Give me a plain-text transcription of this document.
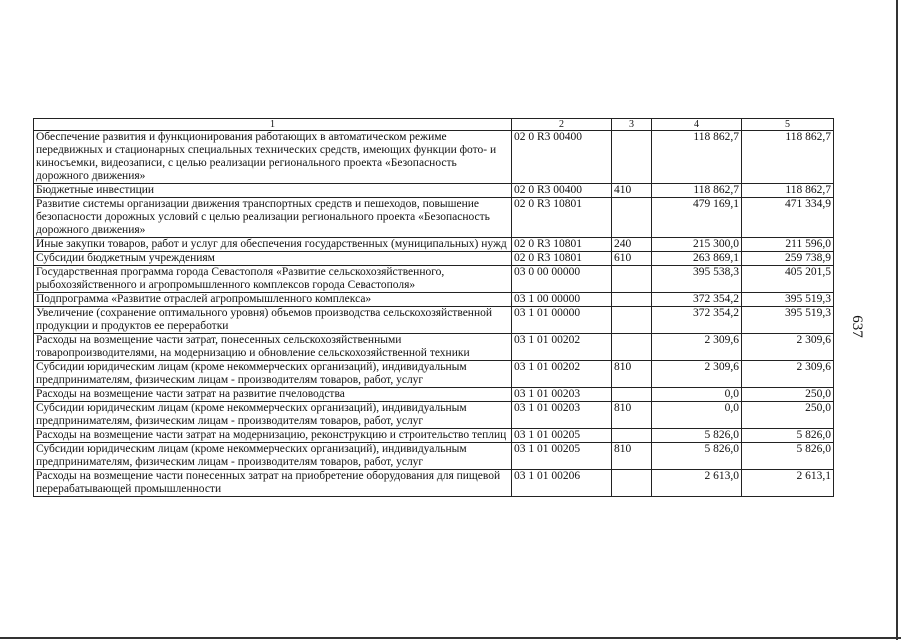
637
1	2	3	4	5
Обеспечение развития и функционирования работающих в автоматическом режиме передвижных и стационарных специальных технических средств, имеющих функции фото- и киносъемки, видеозаписи, с целью реализации регионального проекта «Безопасность дорожного движения»	02 0 R3 00400		118 862,7	118 862,7
Бюджетные инвестиции	02 0 R3 00400	410	118 862,7	118 862,7
Развитие системы организации движения транспортных средств и пешеходов, повышение безопасности дорожных условий с целью реализации регионального проекта «Безопасность дорожного движения»	02 0 R3 10801		479 169,1	471 334,9
Иные закупки товаров, работ и услуг для обеспечения государственных (муниципальных) нужд	02 0 R3 10801	240	215 300,0	211 596,0
Субсидии бюджетным учреждениям	02 0 R3 10801	610	263 869,1	259 738,9
Государственная программа города Севастополя «Развитие сельскохозяйственного, рыбохозяйственного и агропромышленного комплексов города Севастополя»	03 0 00 00000		395 538,3	405 201,5
Подпрограмма «Развитие отраслей агропромышленного комплекса»	03 1 00 00000		372 354,2	395 519,3
Увеличение (сохранение оптимального уровня) объемов производства сельскохозяйственной продукции и продуктов ее переработки	03 1 01 00000		372 354,2	395 519,3
Расходы на возмещение части затрат, понесенных сельскохозяйственными товаропроизводителями, на модернизацию и обновление сельскохозяйственной техники	03 1 01 00202		2 309,6	2 309,6
Субсидии юридическим лицам (кроме некоммерческих организаций), индивидуальным предпринимателям, физическим лицам - производителям товаров, работ, услуг	03 1 01 00202	810	2 309,6	2 309,6
Расходы на возмещение части затрат на развитие пчеловодства	03 1 01 00203		0,0	250,0
Субсидии юридическим лицам (кроме некоммерческих организаций), индивидуальным предпринимателям, физическим лицам - производителям товаров, работ, услуг	03 1 01 00203	810	0,0	250,0
Расходы на возмещение части затрат на модернизацию, реконструкцию и строительство теплиц	03 1 01 00205		5 826,0	5 826,0
Субсидии юридическим лицам (кроме некоммерческих организаций), индивидуальным предпринимателям, физическим лицам - производителям товаров, работ, услуг	03 1 01 00205	810	5 826,0	5 826,0
Расходы на возмещение части понесенных затрат на приобретение оборудования для пищевой перерабатывающей промышленности	03 1 01 00206		2 613,0	2 613,1
